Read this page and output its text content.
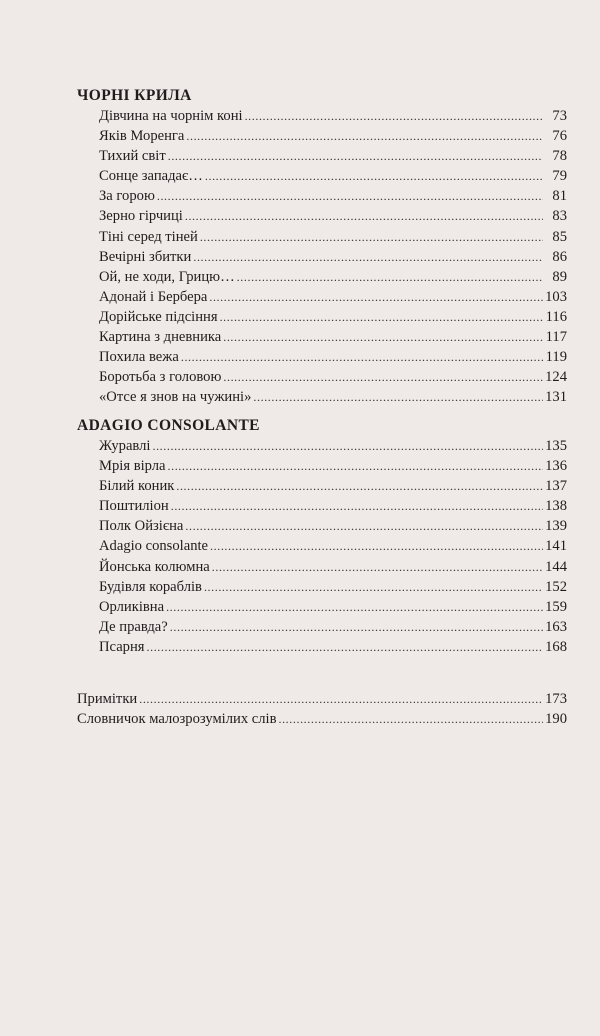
ЧОРНІ КРИЛА
Дівчина на чорнім коні .....	73
Яків Моренга .....	76
Тихий світ .....	78
Сонце западає… .....	79
За горою .....	81
Зерно гірчиці .....	83
Тіні серед тіней .....	85
Вечірні збитки .....	86
Ой, не ходи, Грицю… .....	89
Адонай і Бербера .....	103
Дорійське підсіння .....	116
Картина з дневника .....	117
Похила вежа .....	119
Боротьба з головою .....	124
«Отсе я знов на чужині» .....	131
ADAGIO CONSOLANTE
Журавлі .....	135
Мрія вірла .....	136
Білий коник .....	137
Поштиліон .....	138
Полк Ойзієна .....	139
Adagio consolante .....	141
Йонська колюмна .....	144
Будівля кораблів .....	152
Орликівна .....	159
Де правда? .....	163
Псарня .....	168
Примітки .....	173
Словничок малозрозумілих слів .....	190
